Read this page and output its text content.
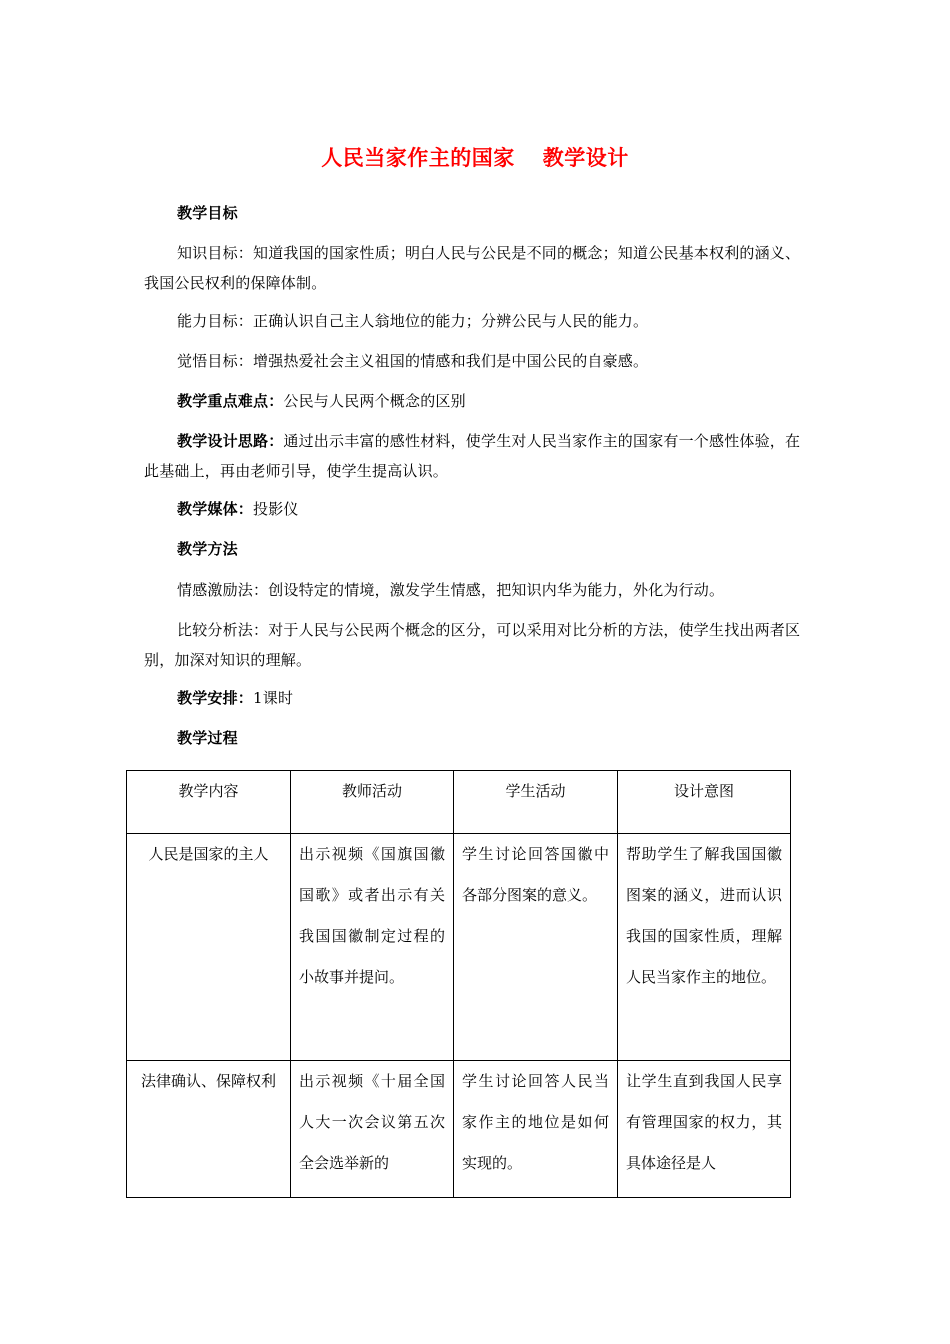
人民当家作主的国家 教学设计
教学目标
知识目标：知道我国的国家性质；明白人民与公民是不同的概念；知道公民基本权利的涵义、我国公民权利的保障体制。
能力目标：正确认识自己主人翁地位的能力；分辨公民与人民的能力。
觉悟目标：增强热爱社会主义祖国的情感和我们是中国公民的自豪感。
教学重点难点：公民与人民两个概念的区别
教学设计思路：通过出示丰富的感性材料，使学生对人民当家作主的国家有一个感性体验，在此基础上，再由老师引导，使学生提高认识。
教学媒体：投影仪
教学方法
情感激励法：创设特定的情境，激发学生情感，把知识内华为能力，外化为行动。
比较分析法：对于人民与公民两个概念的区分，可以采用对比分析的方法，使学生找出两者区别，加深对知识的理解。
教学安排：1课时
教学过程
教学内容	教师活动	学生活动	设计意图
人民是国家的主人	出示视频《国旗国徽国歌》或者出示有关我国国徽制定过程的小故事并提问。	学生讨论回答国徽中各部分图案的意义。	帮助学生了解我国国徽图案的涵义，进而认识我国的国家性质，理解人民当家作主的地位。
法律确认、保障权利	出示视频《十届全国人大一次会议第五次全会选举新的	学生讨论回答人民当家作主的地位是如何实现的。	让学生直到我国人民享有管理国家的权力，其具体途径是人
